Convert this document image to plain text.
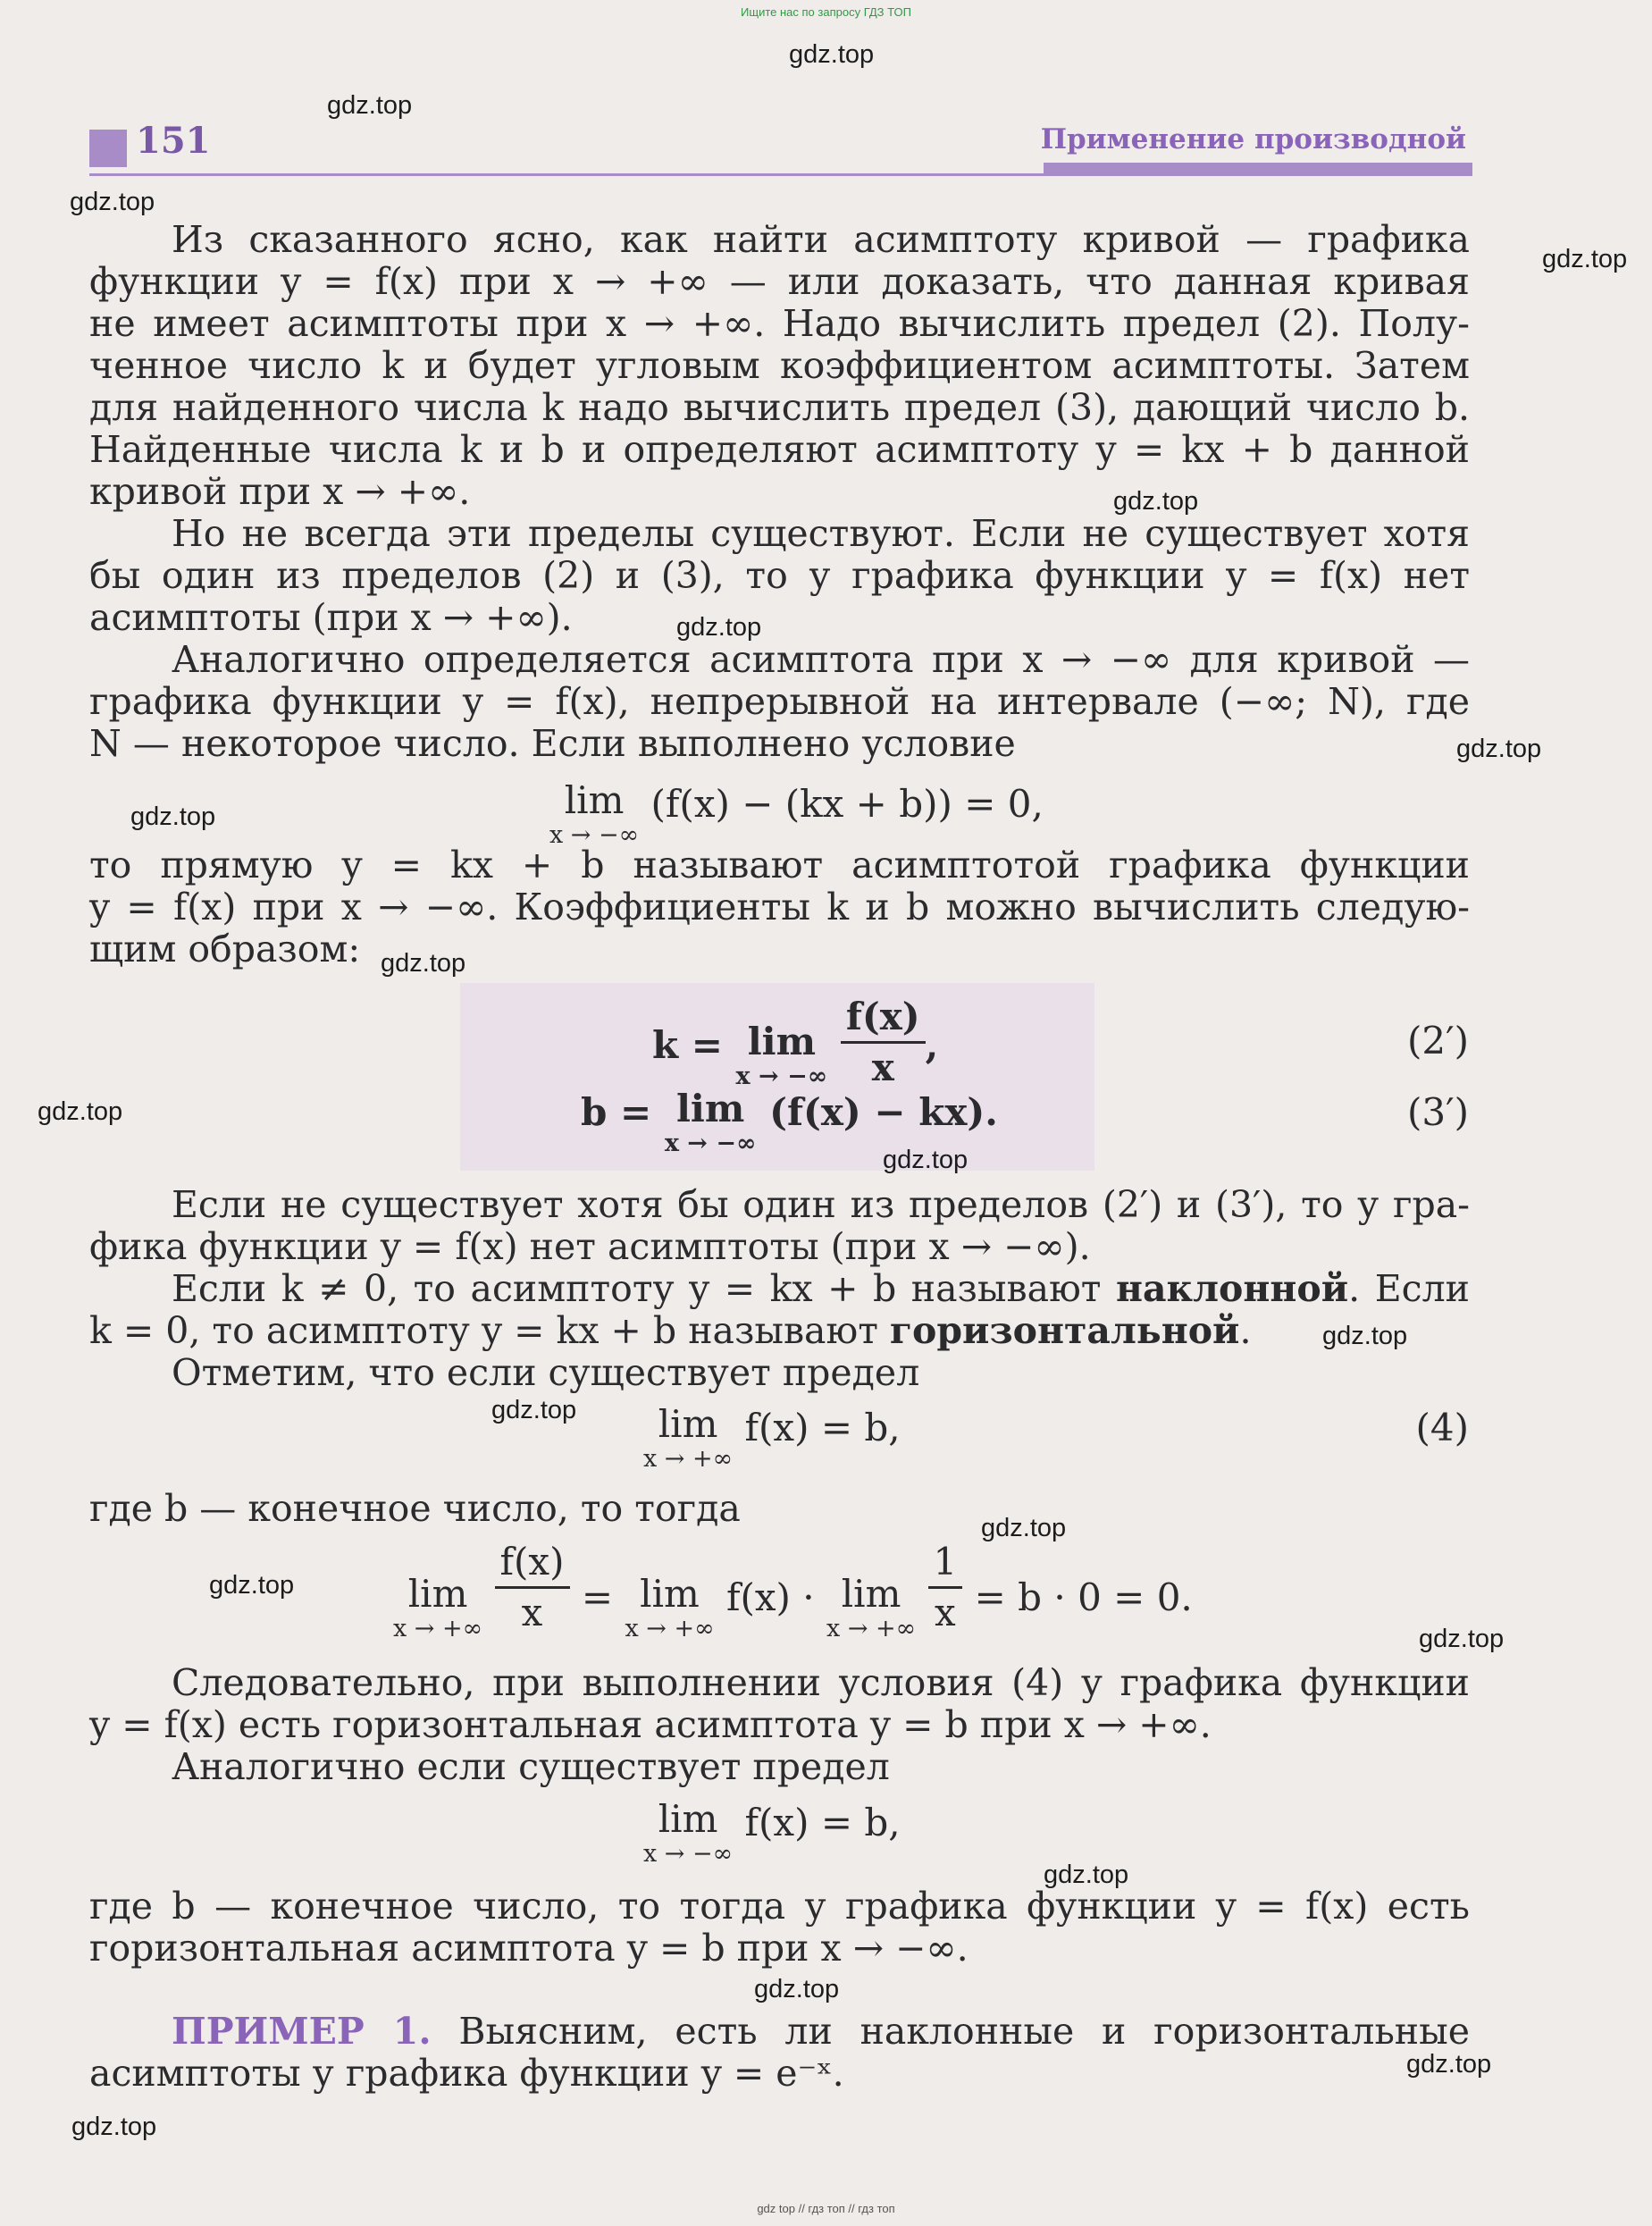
Ищите нас по запросу ГДЗ ТОП
151	Применение производной
Из сказанного ясно, как найти асимптоту кривой — графика
функции y = f(x) при x → +∞ — или доказать, что данная кривая
не имеет асимптоты при x → +∞. Надо вычислить предел (2). Полу-
ченное число k и будет угловым коэффициентом асимптоты. Затем
для найденного числа k надо вычислить предел (3), дающий число b.
Найденные числа k и b и определяют асимптоту y = kx + b данной
кривой при x → +∞.
Но не всегда эти пределы существуют. Если не существует хотя
бы один из пределов (2) и (3), то у графика функции y = f(x) нет
асимптоты (при x → +∞).
Аналогично определяется асимптота при x → −∞ для кривой —
графика функции y = f(x), непрерывной на интервале (−∞; N), где
N — некоторое число. Если выполнено условие
lim
x → −∞
(f(x) − (kx + b)) = 0,
то прямую y = kx + b называют асимптотой графика функции
y = f(x) при x → −∞. Коэффициенты k и b можно вычислить следую-
щим образом:
k = lim
x → −∞
$\frac{f(x)}{x}$ ,	(2′)
b = lim
x → −∞
(f(x) − kx).	(3′)
Если не существует хотя бы один из пределов (2′) и (3′), то у гра-
фика функции y = f(x) нет асимптоты (при x → −∞).
Если k ≠ 0, то асимптоту y = kx + b называют наклонной. Если
k = 0, то асимптоту y = kx + b называют горизонтальной.
Отметим, что если существует предел
lim
x → +∞
f(x) = b,	(4)
где b — конечное число, то тогда
lim
x → +∞
$\frac{f(x)}{x} = \lim$
x → +∞
f(x) · lim
x → +∞
$\frac{1}{x} = b \cdot 0 = 0$.
Следовательно, при выполнении условия (4) у графика функции
y = f(x) есть горизонтальная асимптота y = b при x → +∞.
Аналогично если существует предел
lim
x → −∞
f(x) = b,
где b — конечное число, то тогда у графика функции y = f(x) есть
горизонтальная асимптота y = b при x → −∞.
ПРИМЕР 1. Выясним, есть ли наклонные и горизонтальные
асимптоты у графика функции y = e⁻ˣ.
gdz.top
gdz.top
gdz.top
gdz.top
gdz.top
gdz.top
gdz.top
gdz.top
gdz.top
gdz.top
gdz.top
gdz.top
gdz.top
gdz.top
gdz.top
gdz.top
gdz.top
gdz.top
gdz.top
gdz.top
gdz top // гдз топ // гдз топ
